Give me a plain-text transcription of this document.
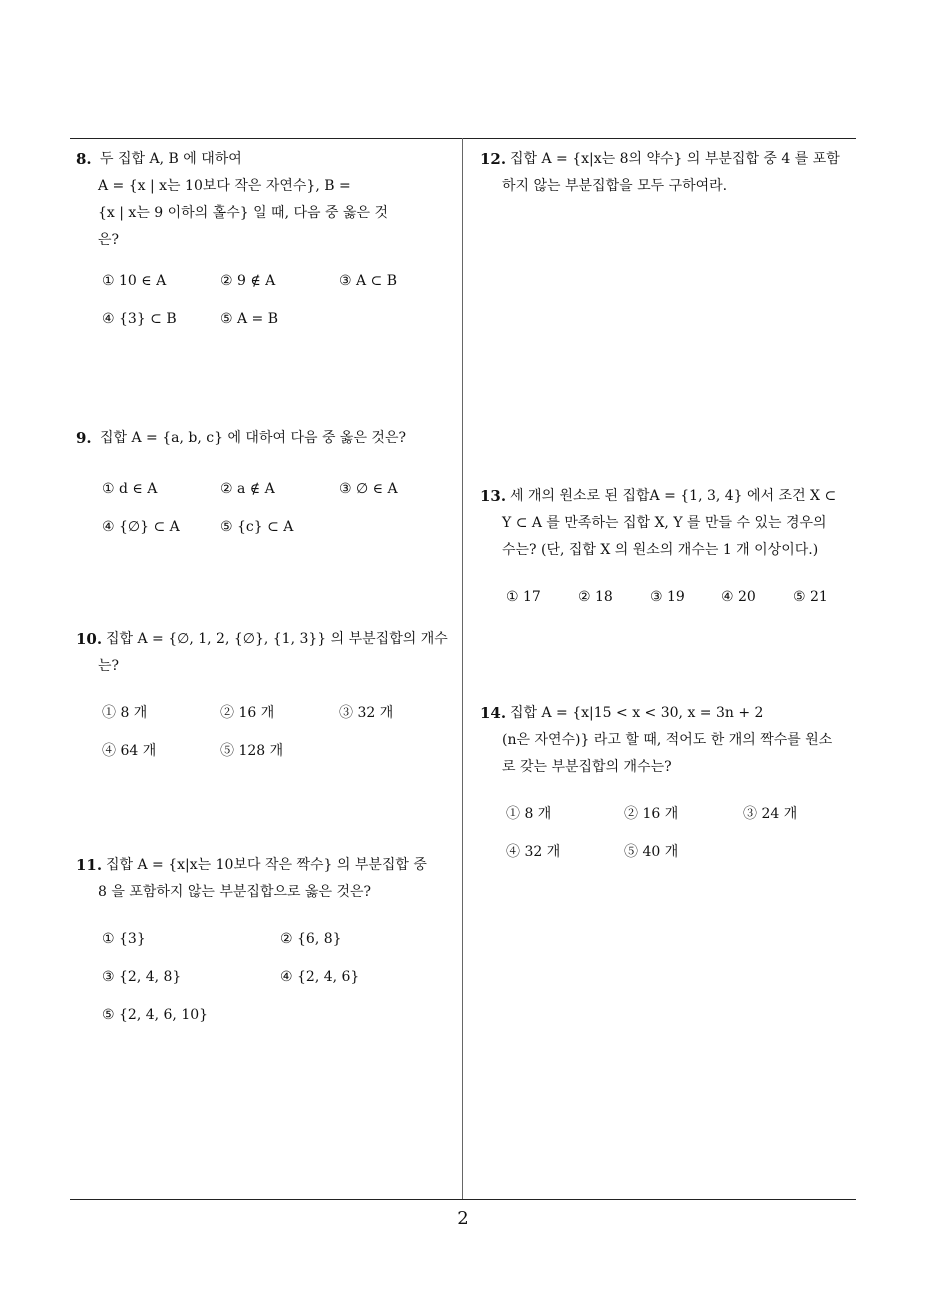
8. 두 집합 A, B 에 대하여
A = {x | x는 10보다 작은 자연수}, B =
{x | x는 9 이하의 홀수} 일 때, 다음 중 옳은 것
은?
① 10 ∈ A	② 9 ∉ A	③ A ⊂ B
④ {3} ⊂ B	⑤ A = B
9. 집합 A = {a, b, c} 에 대하여 다음 중 옳은 것은?
① d ∈ A	② a ∉ A	③ ∅ ∈ A
④ {∅} ⊂ A	⑤ {c} ⊂ A
10. 집합 A = {∅, 1, 2, {∅}, {1, 3}} 의 부분집합의 개수
는?
① 8 개	② 16 개	③ 32 개
④ 64 개	⑤ 128 개
11. 집합 A = {x|x는 10보다 작은 짝수} 의 부분집합 중
8 을 포함하지 않는 부분집합으로 옳은 것은?
① {3}	② {6, 8}
③ {2, 4, 8}	④ {2, 4, 6}
⑤ {2, 4, 6, 10}
12. 집합 A = {x|x는 8의 약수} 의 부분집합 중 4 를 포함
하지 않는 부분집합을 모두 구하여라.
13. 세 개의 원소로 된 집합A = {1, 3, 4} 에서 조건 X ⊂
Y ⊂ A 를 만족하는 집합 X, Y 를 만들 수 있는 경우의
수는? (단, 집합 X 의 원소의 개수는 1 개 이상이다.)
① 17	② 18	③ 19	④ 20	⑤ 21
14. 집합 A = {x|15 < x < 30, x = 3n + 2
(n은 자연수)} 라고 할 때, 적어도 한 개의 짝수를 원소
로 갖는 부분집합의 개수는?
① 8 개	② 16 개	③ 24 개
④ 32 개	⑤ 40 개
2
